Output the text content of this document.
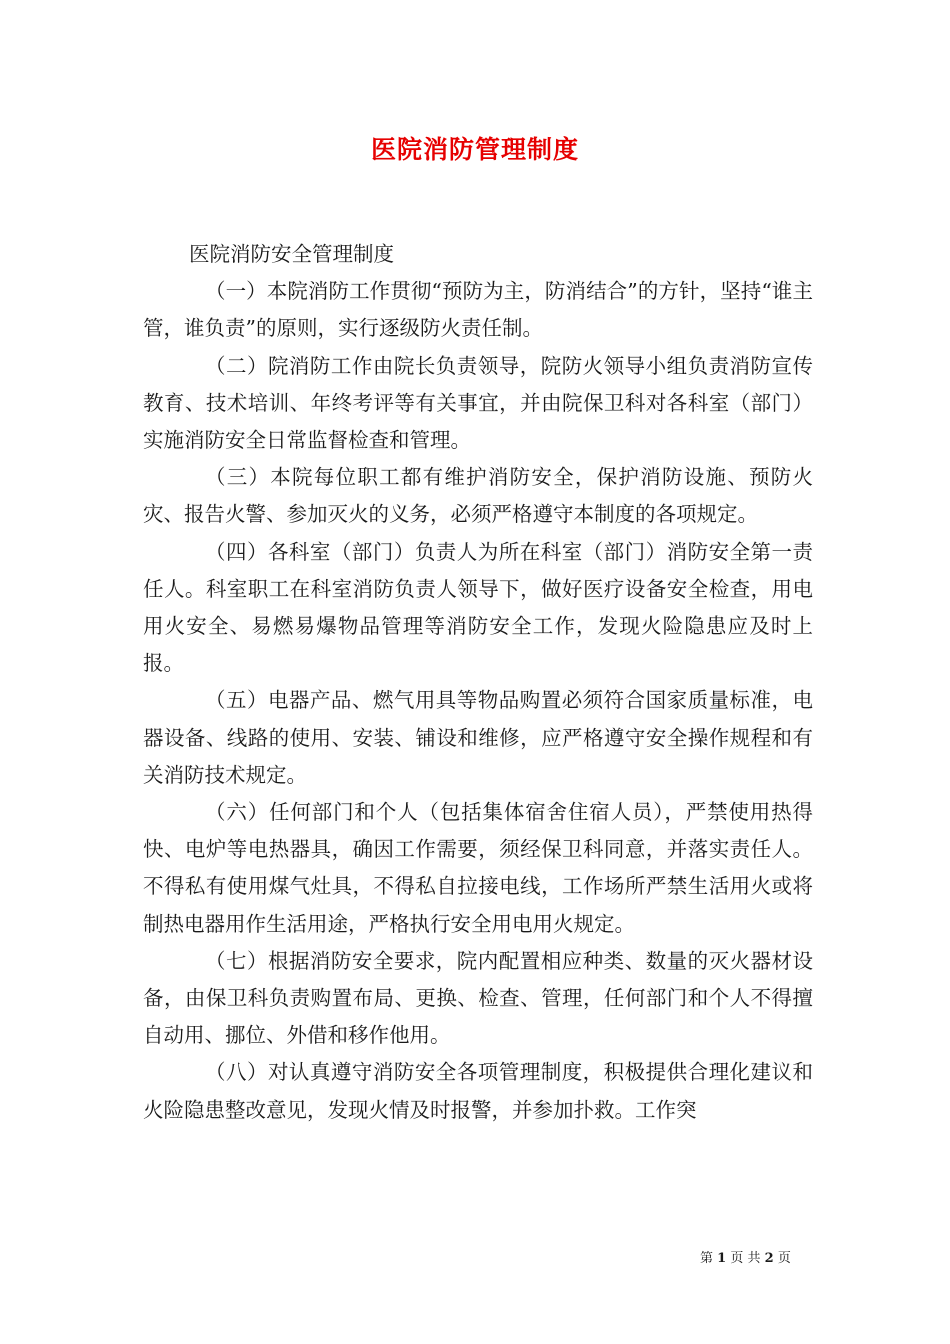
医院消防管理制度

医院消防安全管理制度

（一）本院消防工作贯彻“预防为主，防消结合”的方针，坚持“谁主管，谁负责”的原则，实行逐级防火责任制。

（二）院消防工作由院长负责领导，院防火领导小组负责消防宣传教育、技术培训、年终考评等有关事宜，并由院保卫科对各科室（部门）实施消防安全日常监督检查和管理。

（三）本院每位职工都有维护消防安全，保护消防设施、预防火灾、报告火警、参加灭火的义务，必须严格遵守本制度的各项规定。

（四）各科室（部门）负责人为所在科室（部门）消防安全第一责任人。科室职工在科室消防负责人领导下，做好医疗设备安全检查，用电用火安全、易燃易爆物品管理等消防安全工作，发现火险隐患应及时上报。

（五）电器产品、燃气用具等物品购置必须符合国家质量标准，电器设备、线路的使用、安装、铺设和维修，应严格遵守安全操作规程和有关消防技术规定。

（六）任何部门和个人（包括集体宿舍住宿人员），严禁使用热得快、电炉等电热器具，确因工作需要，须经保卫科同意，并落实责任人。不得私有使用煤气灶具，不得私自拉接电线，工作场所严禁生活用火或将制热电器用作生活用途，严格执行安全用电用火规定。

（七）根据消防安全要求，院内配置相应种类、数量的灭火器材设备，由保卫科负责购置布局、更换、检查、管理，任何部门和个人不得擅自动用、挪位、外借和移作他用。

（八）对认真遵守消防安全各项管理制度，积极提供合理化建议和火险隐患整改意见，发现火情及时报警，并参加扑救。工作突

第 1 页 共 2 页
